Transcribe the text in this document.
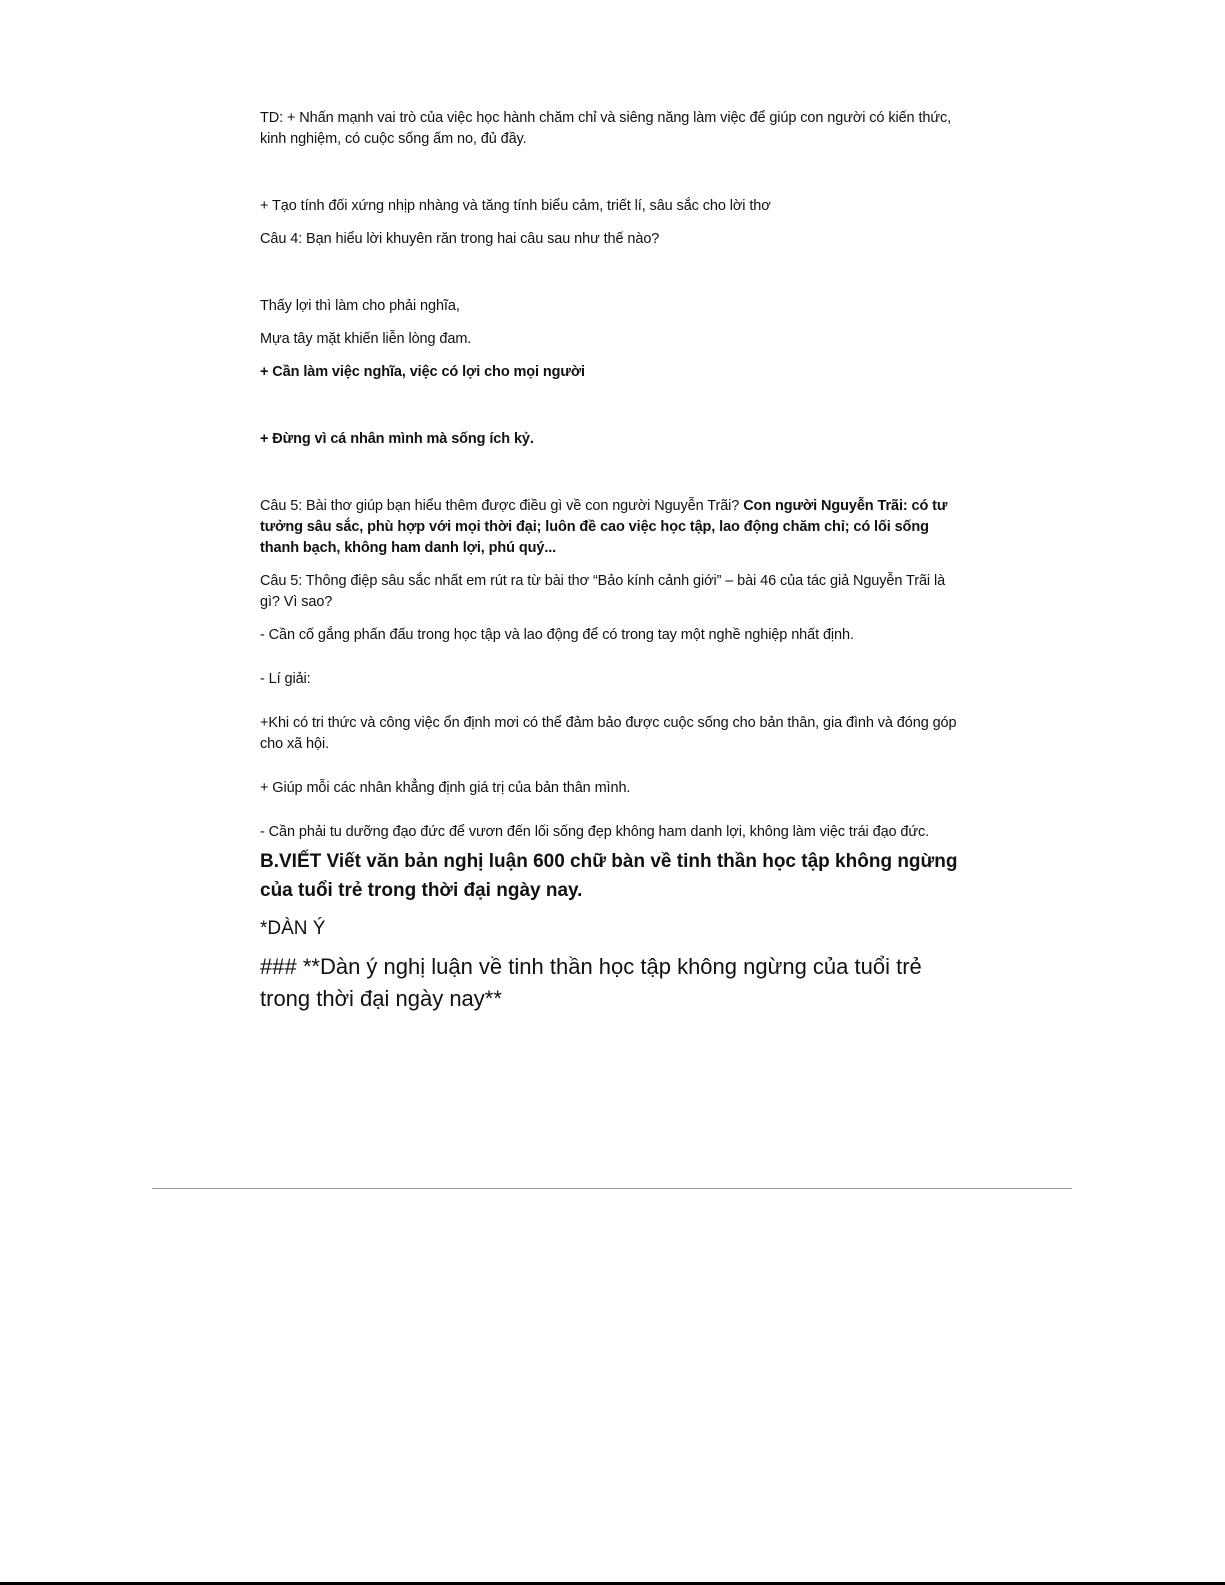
TD: + Nhấn mạnh vai trò của việc học hành chăm chỉ và siêng năng làm việc để giúp con người có kiến thức, kinh nghiệm, có cuộc sống ấm no, đủ đầy.

+ Tạo tính đối xứng nhịp nhàng và tăng tính biểu cảm, triết lí, sâu sắc cho lời thơ

Câu 4: Bạn hiểu lời khuyên răn trong hai câu sau như thế nào?

Thấy lợi thì làm cho phải nghĩa,

Mựa tây mặt khiến liễn lòng đam.

+ Cần làm việc nghĩa, việc có lợi cho mọi người

+ Đừng vì cá nhân mình mà sống ích kỷ.

Câu 5: Bài thơ giúp bạn hiểu thêm được điều gì về con người Nguyễn Trãi? Con người Nguyễn Trãi: có tư tưởng sâu sắc, phù hợp với mọi thời đại; luôn đề cao việc học tập, lao động chăm chỉ; có lối sống thanh bạch, không ham danh lợi, phú quý...

Câu 5: Thông điệp sâu sắc nhất em rút ra từ bài thơ “Bảo kính cảnh giới” – bài 46 của tác giả Nguyễn Trãi là gì? Vì sao?

- Cần cố gắng phấn đấu trong học tập và lao động để có trong tay một nghề nghiệp nhất định.

- Lí giải:

+Khi có tri thức và công việc ổn định mơi có thể đảm bảo được cuộc sống cho bản thân, gia đình và đóng góp cho xã hội.

+ Giúp mỗi các nhân khẳng định giá trị của bản thân mình.

- Cần phải tu dưỡng đạo đức để vươn đến lối sống đẹp không ham danh lợi, không làm việc trái đạo đức.

B.VIẾT Viết văn bản nghị luận 600 chữ bàn về tinh thần học tập không ngừng của tuổi trẻ trong thời đại ngày nay.

*DÀN Ý

### **Dàn ý nghị luận về tinh thần học tập không ngừng của tuổi trẻ trong thời đại ngày nay**
